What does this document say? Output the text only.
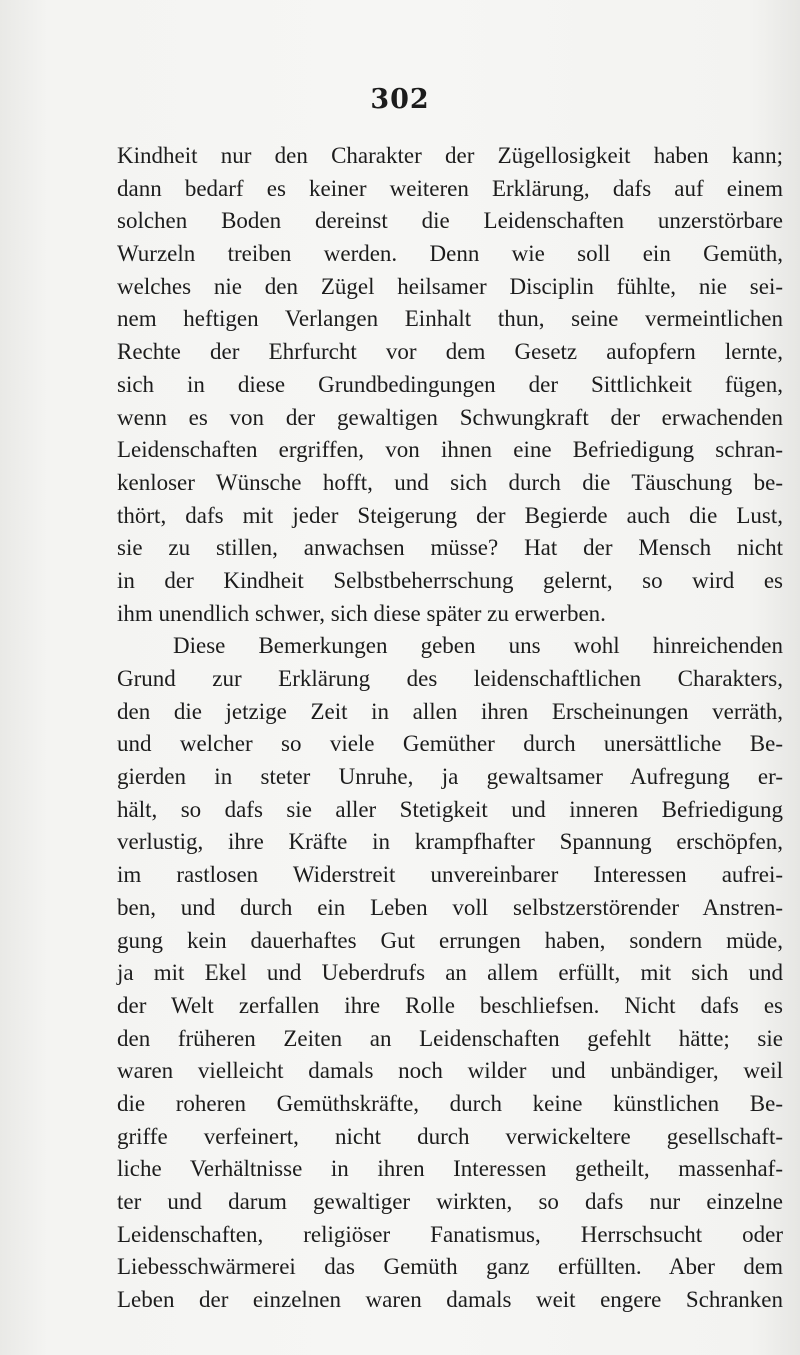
302
Kindheit nur den Charakter der Zügellosigkeit haben kann;
dann bedarf es keiner weiteren Erklärung, dafs auf einem
solchen Boden dereinst die Leidenschaften unzerstörbare
Wurzeln treiben werden. Denn wie soll ein Gemüth,
welches nie den Zügel heilsamer Disciplin fühlte, nie sei-
nem heftigen Verlangen Einhalt thun, seine vermeintlichen
Rechte der Ehrfurcht vor dem Gesetz aufopfern lernte,
sich in diese Grundbedingungen der Sittlichkeit fügen,
wenn es von der gewaltigen Schwungkraft der erwachenden
Leidenschaften ergriffen, von ihnen eine Befriedigung schran-
kenloser Wünsche hofft, und sich durch die Täuschung be-
thört, dafs mit jeder Steigerung der Begierde auch die Lust,
sie zu stillen, anwachsen müsse? Hat der Mensch nicht
in der Kindheit Selbstbeherrschung gelernt, so wird es
ihm unendlich schwer, sich diese später zu erwerben.
Diese Bemerkungen geben uns wohl hinreichenden
Grund zur Erklärung des leidenschaftlichen Charakters,
den die jetzige Zeit in allen ihren Erscheinungen verräth,
und welcher so viele Gemüther durch unersättliche Be-
gierden in steter Unruhe, ja gewaltsamer Aufregung er-
hält, so dafs sie aller Stetigkeit und inneren Befriedigung
verlustig, ihre Kräfte in krampfhafter Spannung erschöpfen,
im rastlosen Widerstreit unvereinbarer Interessen aufrei-
ben, und durch ein Leben voll selbstzerstörender Anstren-
gung kein dauerhaftes Gut errungen haben, sondern müde,
ja mit Ekel und Ueberdrufs an allem erfüllt, mit sich und
der Welt zerfallen ihre Rolle beschliefsen. Nicht dafs es
den früheren Zeiten an Leidenschaften gefehlt hätte; sie
waren vielleicht damals noch wilder und unbändiger, weil
die roheren Gemüthskräfte, durch keine künstlichen Be-
griffe verfeinert, nicht durch verwickeltere gesellschaft-
liche Verhältnisse in ihren Interessen getheilt, massenhaf-
ter und darum gewaltiger wirkten, so dafs nur einzelne
Leidenschaften, religiöser Fanatismus, Herrschsucht oder
Liebesschwärmerei das Gemüth ganz erfüllten. Aber dem
Leben der einzelnen waren damals weit engere Schranken
